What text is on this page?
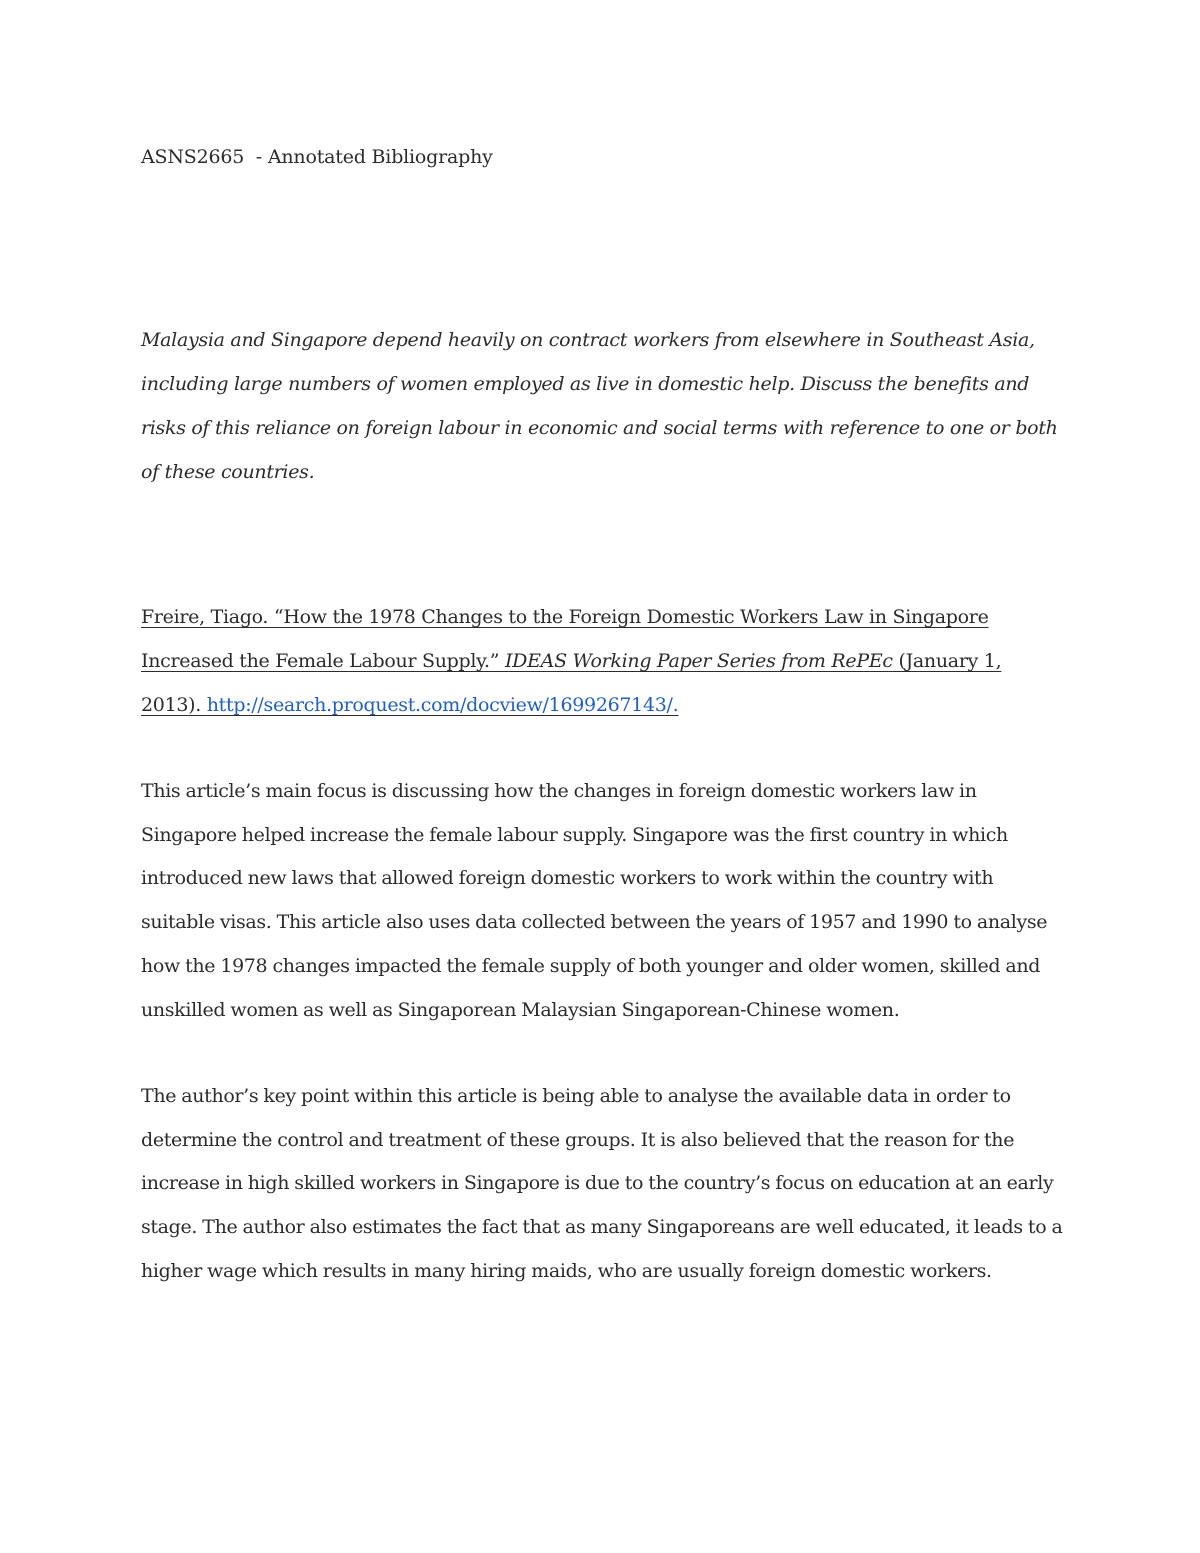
ASNS2665  - Annotated Bibliography
Malaysia and Singapore depend heavily on contract workers from elsewhere in Southeast Asia, including large numbers of women employed as live in domestic help. Discuss the benefits and risks of this reliance on foreign labour in economic and social terms with reference to one or both of these countries.
Freire, Tiago. “How the 1978 Changes to the Foreign Domestic Workers Law in Singapore Increased the Female Labour Supply.” IDEAS Working Paper Series from RePEc (January 1, 2013). http://search.proquest.com/docview/1699267143/.
This article’s main focus is discussing how the changes in foreign domestic workers law in Singapore helped increase the female labour supply. Singapore was the first country in which introduced new laws that allowed foreign domestic workers to work within the country with suitable visas. This article also uses data collected between the years of 1957 and 1990 to analyse how the 1978 changes impacted the female supply of both younger and older women, skilled and unskilled women as well as Singaporean Malaysian Singaporean-Chinese women.
The author’s key point within this article is being able to analyse the available data in order to determine the control and treatment of these groups. It is also believed that the reason for the increase in high skilled workers in Singapore is due to the country’s focus on education at an early stage. The author also estimates the fact that as many Singaporeans are well educated, it leads to a higher wage which results in many hiring maids, who are usually foreign domestic workers.
